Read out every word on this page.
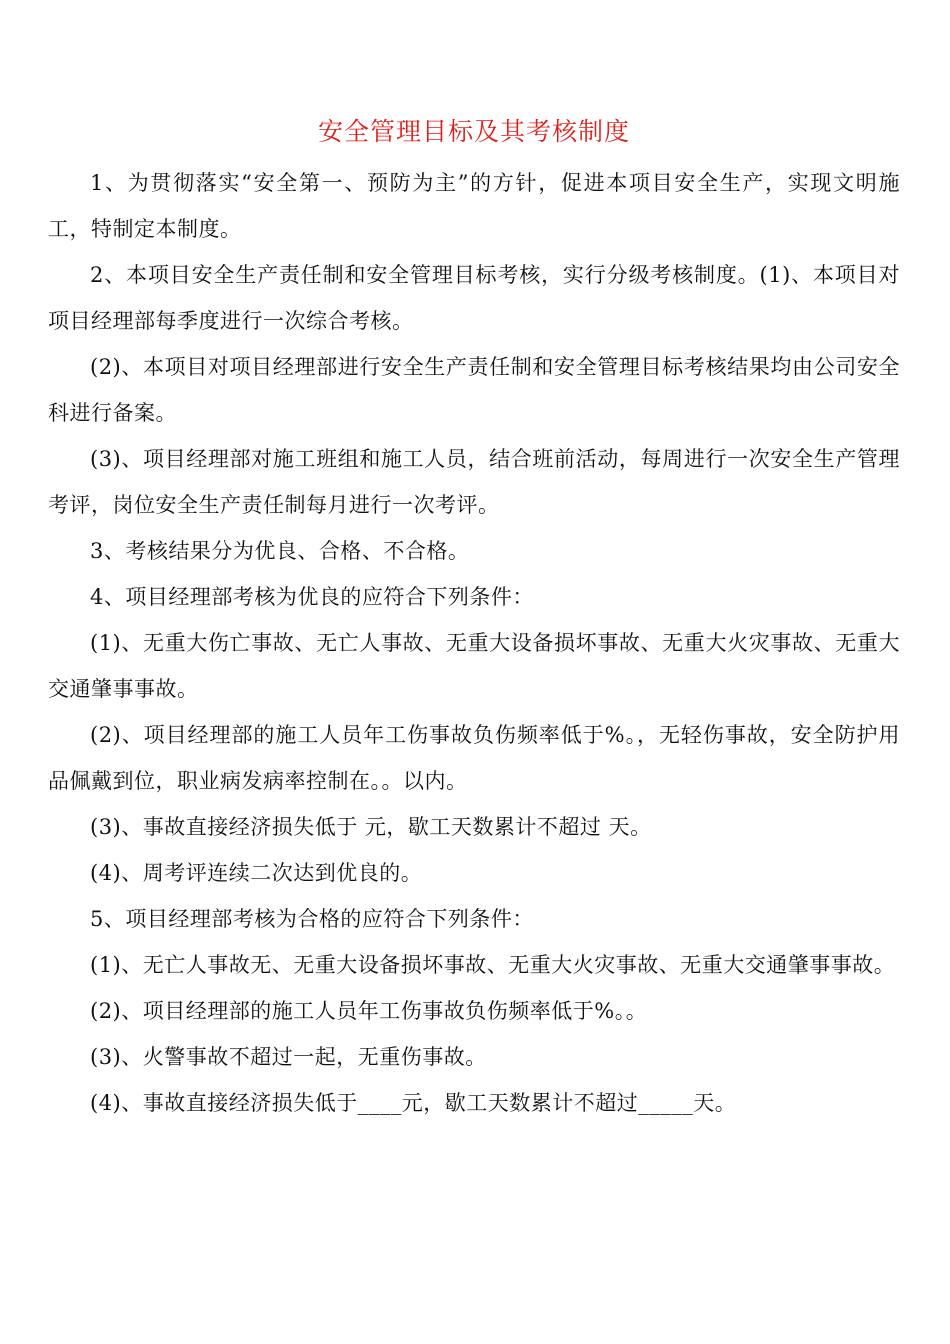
安全管理目标及其考核制度

1、为贯彻落实“安全第一、预防为主”的方针，促进本项目安全生产，实现文明施工，特制定本制度。

2、本项目安全生产责任制和安全管理目标考核，实行分级考核制度。(1)、本项目对项目经理部每季度进行一次综合考核。

(2)、本项目对项目经理部进行安全生产责任制和安全管理目标考核结果均由公司安全科进行备案。

(3)、项目经理部对施工班组和施工人员，结合班前活动，每周进行一次安全生产管理考评，岗位安全生产责任制每月进行一次考评。

3、考核结果分为优良、合格、不合格。

4、项目经理部考核为优良的应符合下列条件：

(1)、无重大伤亡事故、无亡人事故、无重大设备损坏事故、无重大火灾事故、无重大交通肇事事故。

(2)、项目经理部的施工人员年工伤事故负伤频率低于%。，无轻伤事故，安全防护用品佩戴到位，职业病发病率控制在。。以内。

(3)、事故直接经济损失低于 元，歇工天数累计不超过 天。

(4)、周考评连续二次达到优良的。

5、项目经理部考核为合格的应符合下列条件：

(1)、无亡人事故无、无重大设备损坏事故、无重大火灾事故、无重大交通肇事事故。

(2)、项目经理部的施工人员年工伤事故负伤频率低于%。。

(3)、火警事故不超过一起，无重伤事故。

(4)、事故直接经济损失低于____元，歇工天数累计不超过_____天。
